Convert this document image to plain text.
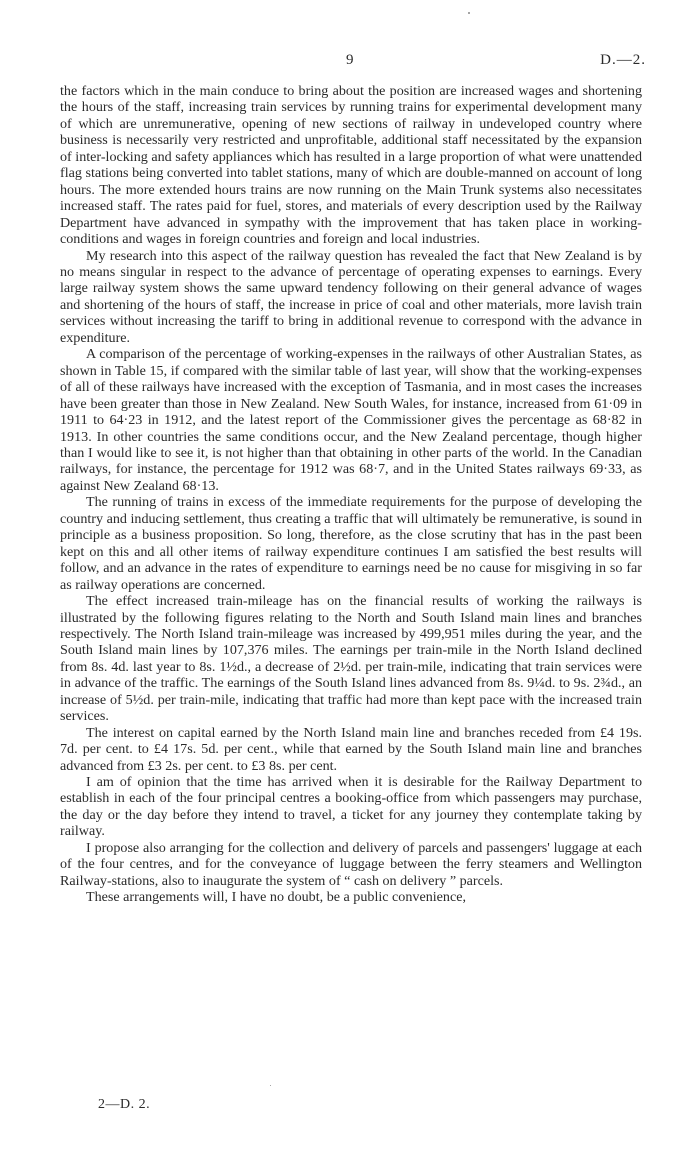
9	D.—2.

the factors which in the main conduce to bring about the position are increased wages and shortening the hours of the staff, increasing train services by running trains for experimental development many of which are unremunerative, opening of new sections of railway in undeveloped country where business is necessarily very restricted and unprofitable, additional staff necessitated by the expansion of inter-locking and safety appliances which has resulted in a large proportion of what were unattended flag stations being converted into tablet stations, many of which are double-manned on account of long hours. The more extended hours trains are now running on the Main Trunk systems also necessitates increased staff. The rates paid for fuel, stores, and materials of every description used by the Railway Department have advanced in sympathy with the improvement that has taken place in working-conditions and wages in foreign countries and foreign and local industries.

My research into this aspect of the railway question has revealed the fact that New Zealand is by no means singular in respect to the advance of percentage of operating expenses to earnings. Every large railway system shows the same upward tendency following on their general advance of wages and shortening of the hours of staff, the increase in price of coal and other materials, more lavish train services without increasing the tariff to bring in additional revenue to correspond with the advance in expenditure.

A comparison of the percentage of working-expenses in the railways of other Australian States, as shown in Table 15, if compared with the similar table of last year, will show that the working-expenses of all of these railways have increased with the exception of Tasmania, and in most cases the increases have been greater than those in New Zealand. New South Wales, for instance, increased from 61·09 in 1911 to 64·23 in 1912, and the latest report of the Commissioner gives the percentage as 68·82 in 1913. In other countries the same conditions occur, and the New Zealand percentage, though higher than I would like to see it, is not higher than that obtaining in other parts of the world. In the Canadian railways, for instance, the percentage for 1912 was 68·7, and in the United States railways 69·33, as against New Zealand 68·13.

The running of trains in excess of the immediate requirements for the purpose of developing the country and inducing settlement, thus creating a traffic that will ultimately be remunerative, is sound in principle as a business proposition. So long, therefore, as the close scrutiny that has in the past been kept on this and all other items of railway expenditure continues I am satisfied the best results will follow, and an advance in the rates of expenditure to earnings need be no cause for misgiving in so far as railway operations are concerned.

The effect increased train-mileage has on the financial results of working the railways is illustrated by the following figures relating to the North and South Island main lines and branches respectively. The North Island train-mileage was increased by 499,951 miles during the year, and the South Island main lines by 107,376 miles. The earnings per train-mile in the North Island declined from 8s. 4d. last year to 8s. 1½d., a decrease of 2½d. per train-mile, indicating that train services were in advance of the traffic. The earnings of the South Island lines advanced from 8s. 9¼d. to 9s. 2¾d., an increase of 5½d. per train-mile, indicating that traffic had more than kept pace with the increased train services.

The interest on capital earned by the North Island main line and branches receded from £4 19s. 7d. per cent. to £4 17s. 5d. per cent., while that earned by the South Island main line and branches advanced from £3 2s. per cent. to £3 8s. per cent.

I am of opinion that the time has arrived when it is desirable for the Railway Department to establish in each of the four principal centres a booking-office from which passengers may purchase, the day or the day before they intend to travel, a ticket for any journey they contemplate taking by railway.

I propose also arranging for the collection and delivery of parcels and passengers' luggage at each of the four centres, and for the conveyance of luggage between the ferry steamers and Wellington Railway-stations, also to inaugurate the system of “ cash on delivery ” parcels.

These arrangements will, I have no doubt, be a public convenience,

2—D. 2.
